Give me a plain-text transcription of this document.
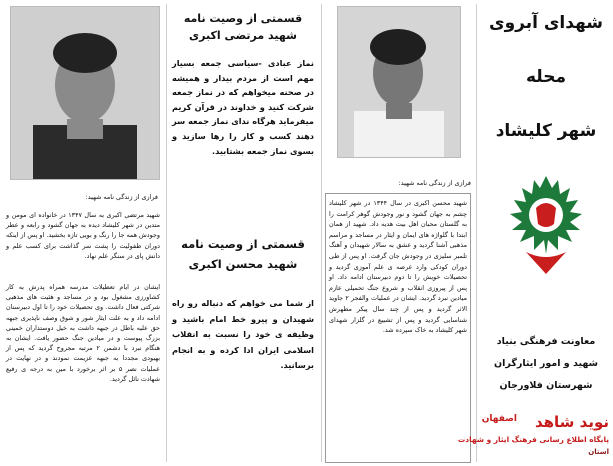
فرازی از زندگی نامه شهید:
شهید مرتضی اکبری به سال ۱۳۴۷ در خانواده ای مومن و متدین در شهر کلیشاد دیده به جهان گشود و رابعه و عطر وجودش همه جا را رنگ و بویی تازه بخشید. او پس از اینکه دوران طفولیت را پشت سر گذاشت برای کسب علم و دانش پای در سنگر علم نهاد.
ایشان در ایام تعطیلات مدرسه همراه پدرش به کار کشاورزی مشغول بود و در مساجد و هئیت های مذهبی شرکتی فعال داشت. وی تحصیلات خود را تا اول دبیرستان ادامه داد و به علت ایثار شور و شوق وصف ناپذیری جبهه حق علیه باطل در جبهه داشت به خیل دوستداران خمینی بزرگ پیوست و در میادین جنگ حضور یافت. ایشان به هنگام نبرد با دشمن ۲ مرتبه مجروح گردید که پس از بهبودی مجددا به جبهه عزیمت نمودند و در نهایت در عملیات نصر ۵ بر اثر برخورد با مین به درجه ی رفیع شهادت نائل گردید.
قسمتی از وصیت نامه شهید مرتضی اکبری
نماز عبادی -سیاسی جمعه بسیار مهم است از مردم بیدار و همیشه در صحنه میخواهم که در نماز جمعه شرکت کنید و خداوند در قرآن کریم میفرماید هرگاه ندای نماز جمعه سر دهند کسب و کار را رها سازید و بسوی نماز جمعه بشتابید.
قسمتی از وصیت نامه شهید محسن اکبری
از شما می خواهم که دنباله رو راه شهیدان و پیرو خط امام باشید و وظیفه ی خود را نسبت به انقلاب اسلامی ایران ادا کرده و به انجام برسانید.
فرازی از زندگی نامه شهید:
شهید محسن اکبری در سال ۱۳۴۴ در شهر کلیشاد چشم به جهان گشود و نور وجودش گوهر کرامت را به گلستان محبان اهل بیت هدیه داد. شهید از همان ابتدا با گلواژه های ایمان و ایثار در مساجد و مراسم مذهبی آشنا گردید و عشق به سالار شهیدان و آهنگ تلمبر سلیزی در وجودش جان گرفت. او پس از طی دوران کودکی وارد عرصه ی علم آموزی گردید و تحصیلات خویش را تا دوم دبیرستان ادامه داد. او پس از پیروزی انقلاب و شروع جنگ تحمیلی عازم میادین نبرد گردید. ایشان در عملیات والفجر ۲ جاوید الاثر گردید و پس از چند سال پیکر مطهرش شناسایی گردید و پس از تشییع در گلزار شهدای شهر کلیشاد به خاک سپرده شد.
شهدای آبروی
محله
شهر کلیشاد
معاونت فرهنگی بنیاد
شهید و امور ایثارگران
شهرستان فلاورجان
نوید شاهد
اصفهان
پایگاه اطلاع رسانی فرهنگ ایثار و شهادت
استان
